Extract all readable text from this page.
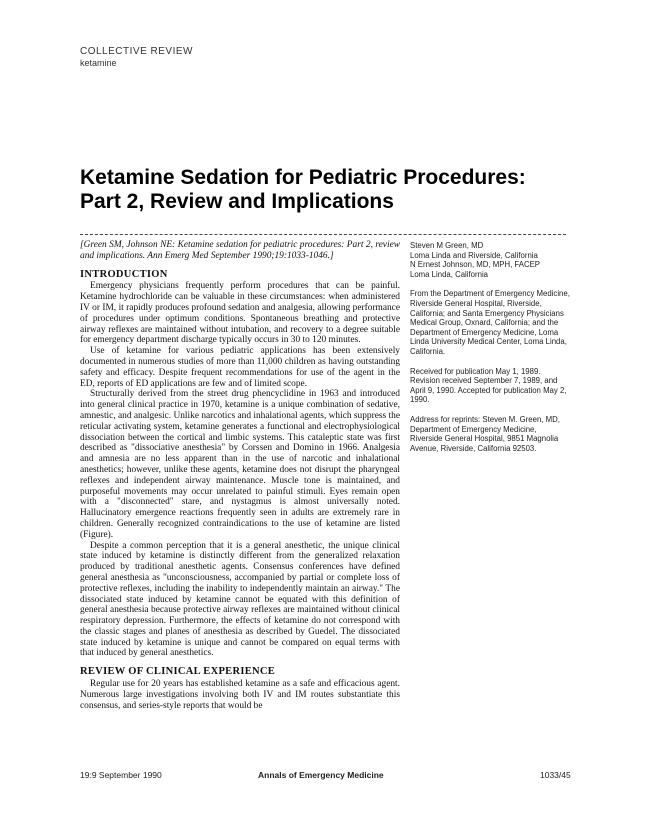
COLLECTIVE REVIEW
ketamine
Ketamine Sedation for Pediatric Procedures:
Part 2, Review and Implications

[Green SM, Johnson NE: Ketamine sedation for pediatric procedures: Part 2, review and implications. Ann Emerg Med September 1990;19:1033-1046.]

INTRODUCTION

Emergency physicians frequently perform procedures that can be painful. Ketamine hydrochloride can be valuable in these circumstances: when administered IV or IM, it rapidly produces profound sedation and analgesia, allowing performance of procedures under optimum conditions. Spontaneous breathing and protective airway reflexes are maintained without intubation, and recovery to a degree suitable for emergency department discharge typically occurs in 30 to 120 minutes.

Use of ketamine for various pediatric applications has been extensively documented in numerous studies of more than 11,000 children as having outstanding safety and efficacy. Despite frequent recommendations for use of the agent in the ED, reports of ED applications are few and of limited scope.

Structurally derived from the street drug phencyclidine in 1963 and introduced into general clinical practice in 1970, ketamine is a unique combination of sedative, amnestic, and analgesic. Unlike narcotics and inhalational agents, which suppress the reticular activating system, ketamine generates a functional and electrophysiological dissociation between the cortical and limbic systems. This cataleptic state was first described as "dissociative anesthesia" by Corssen and Domino in 1966. Analgesia and amnesia are no less apparent than in the use of narcotic and inhalational anesthetics; however, unlike these agents, ketamine does not disrupt the pharyngeal reflexes and independent airway maintenance. Muscle tone is maintained, and purposeful movements may occur unrelated to painful stimuli. Eyes remain open with a "disconnected" stare, and nystagmus is almost universally noted. Hallucinatory emergence reactions frequently seen in adults are extremely rare in children. Generally recognized contraindications to the use of ketamine are listed (Figure).

Despite a common perception that it is a general anesthetic, the unique clinical state induced by ketamine is distinctly different from the generalized relaxation produced by traditional anesthetic agents. Consensus conferences have defined general anesthesia as "unconsciousness, accompanied by partial or complete loss of protective reflexes, including the inability to independently maintain an airway." The dissociated state induced by ketamine cannot be equated with this definition of general anesthesia because protective airway reflexes are maintained without clinical respiratory depression. Furthermore, the effects of ketamine do not correspond with the classic stages and planes of anesthesia as described by Guedel. The dissociated state induced by ketamine is unique and cannot be compared on equal terms with that induced by general anesthetics.

REVIEW OF CLINICAL EXPERIENCE

Regular use for 20 years has established ketamine as a safe and efficacious agent. Numerous large investigations involving both IV and IM routes substantiate this consensus, and series-style reports that would be

Steven M Green, MD
Loma Linda and Riverside, California
N Ernest Johnson, MD, MPH, FACEP
Loma Linda, California

From the Department of Emergency Medicine, Riverside General Hospital, Riverside, California; and Santa Emergency Physicians Medical Group, Oxnard, California; and the Department of Emergency Medicine, Loma Linda University Medical Center, Loma Linda, California.

Received for publication May 1, 1989. Revision received September 7, 1989, and April 9, 1990. Accepted for publication May 2, 1990.

Address for reprints: Steven M. Green, MD, Department of Emergency Medicine, Riverside General Hospital, 9851 Magnolia Avenue, Riverside, California 92503.

19:9 September 1990	Annals of Emergency Medicine	1033/45
